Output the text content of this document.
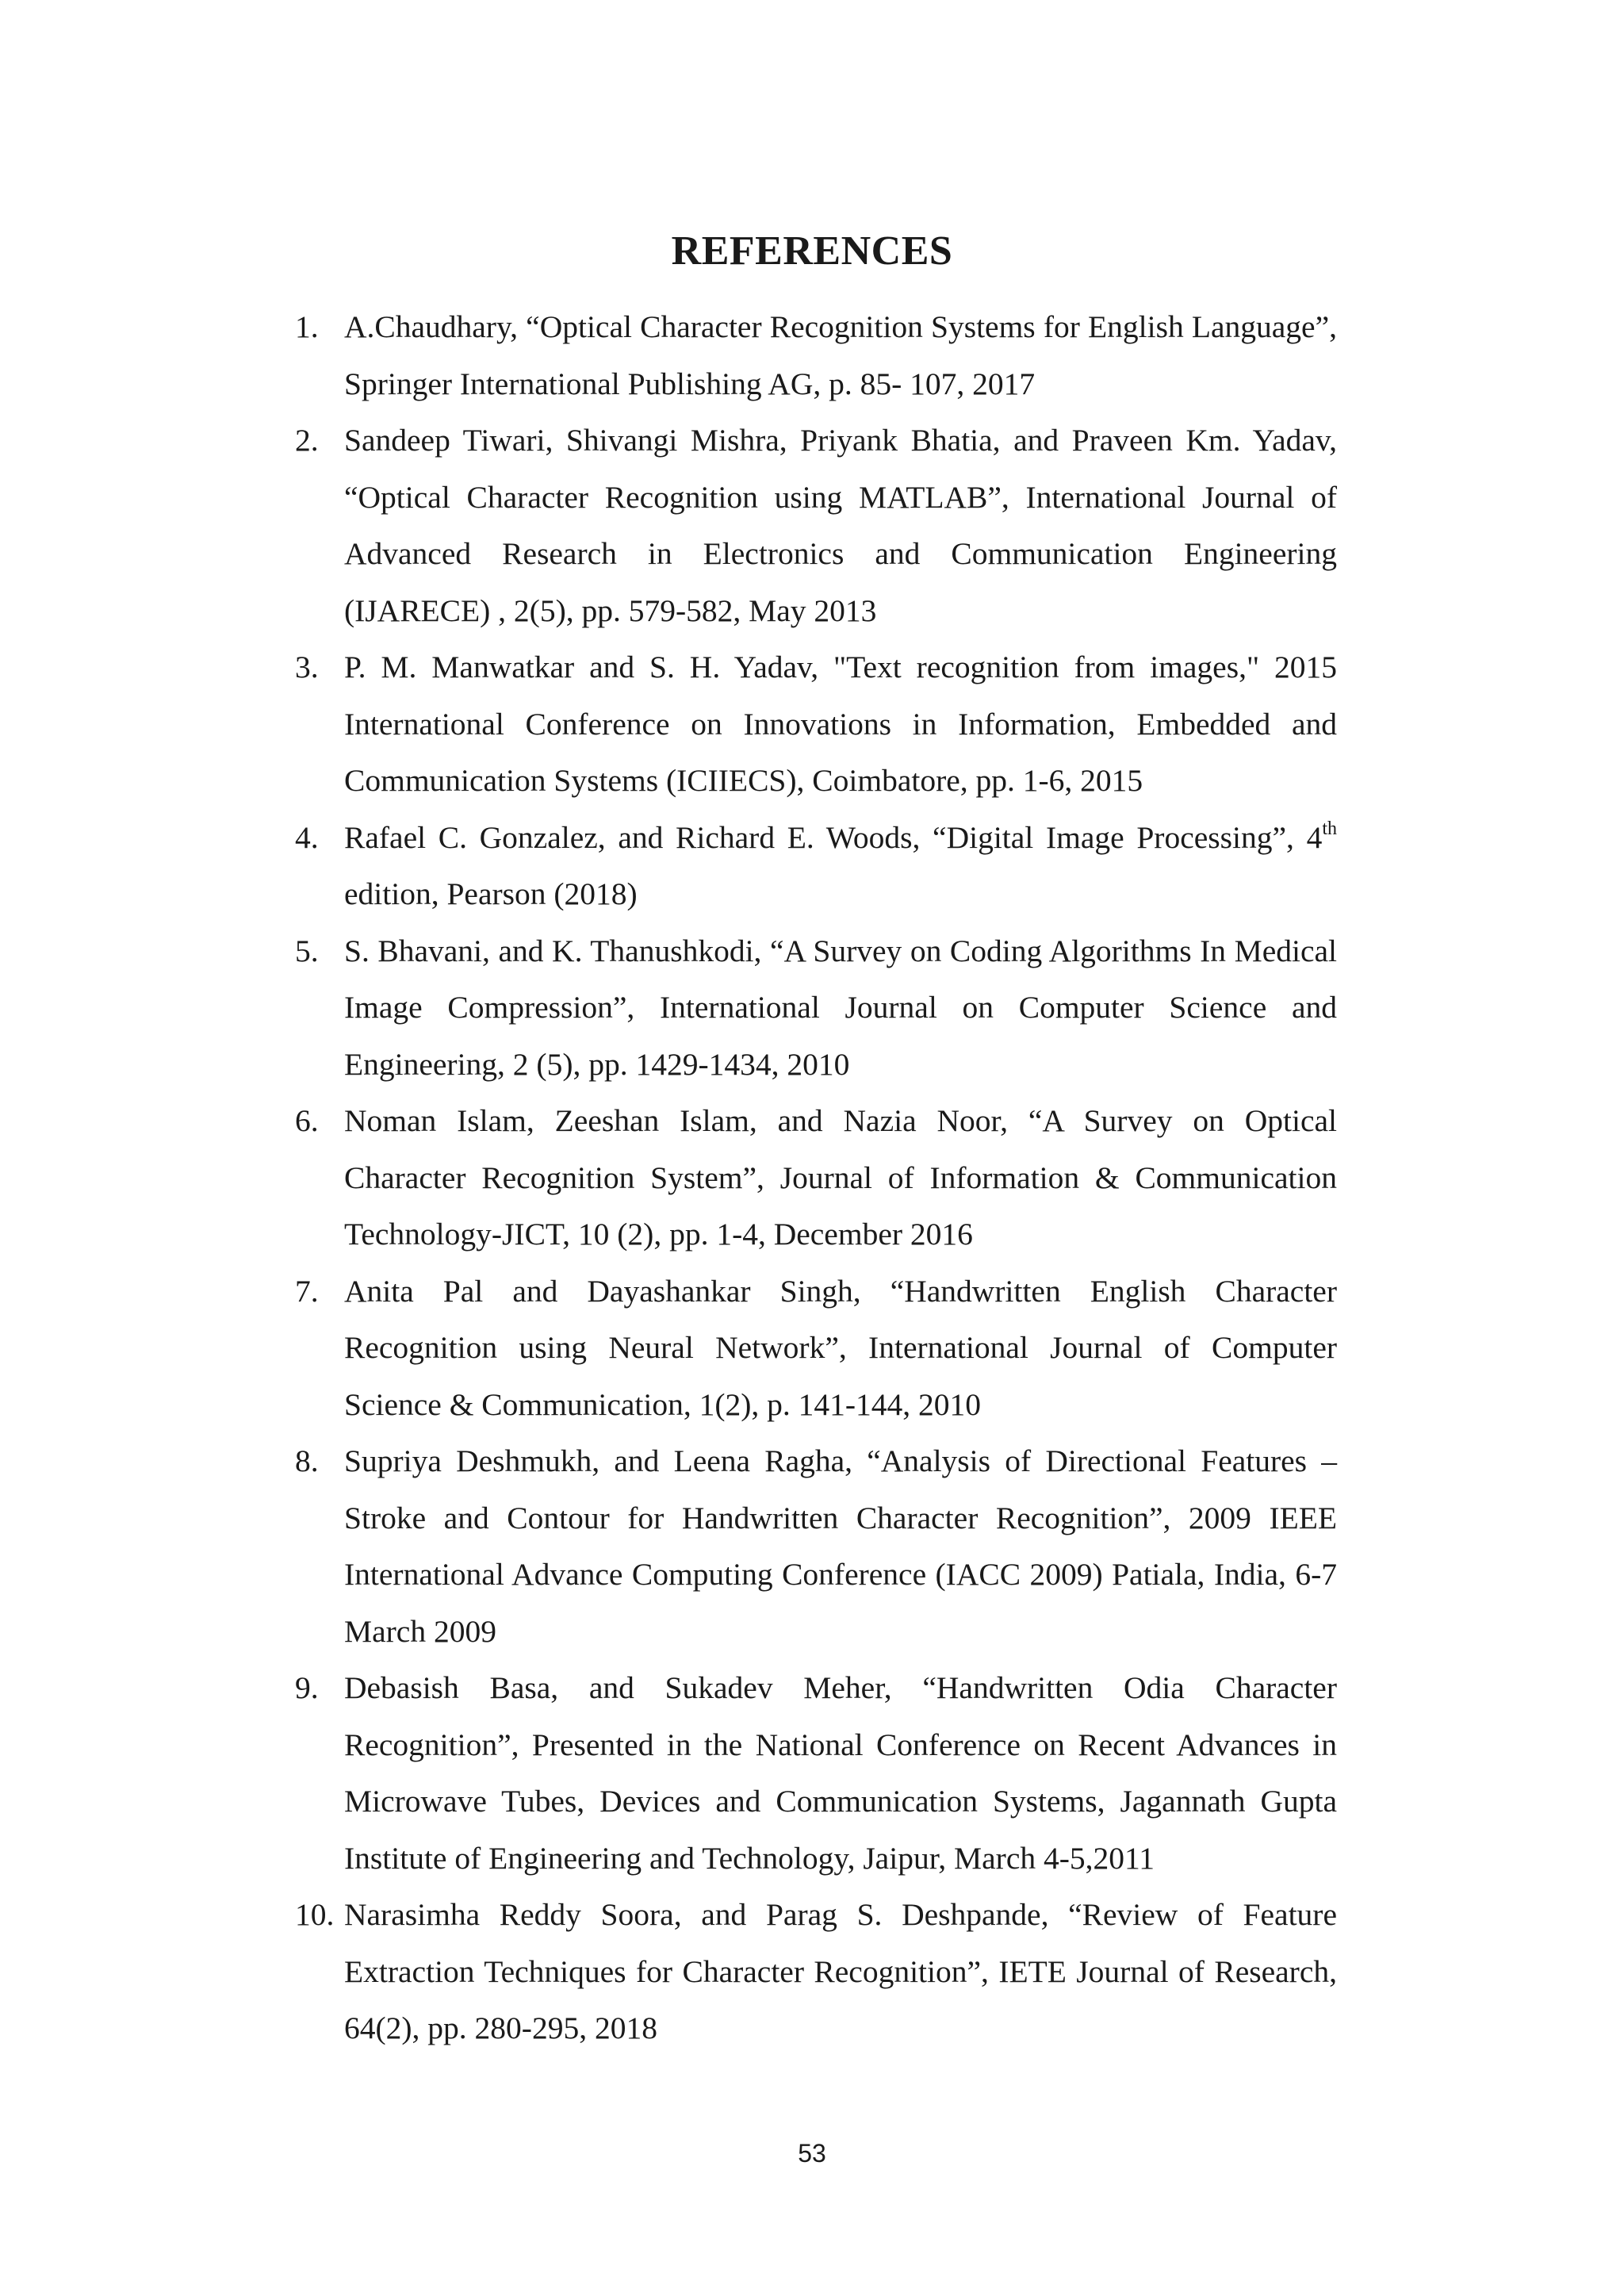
REFERENCES
1. A.Chaudhary, “Optical Character Recognition Systems for English Language”, Springer International Publishing AG, p. 85- 107, 2017
2. Sandeep Tiwari, Shivangi Mishra, Priyank Bhatia, and Praveen Km. Yadav, “Optical Character Recognition using MATLAB”, International Journal of Advanced Research in Electronics and Communication Engineering (IJARECE) , 2(5), pp. 579-582, May 2013
3. P. M. Manwatkar and S. H. Yadav, "Text recognition from images," 2015 International Conference on Innovations in Information, Embedded and Communication Systems (ICIIECS), Coimbatore, pp. 1-6, 2015
4. Rafael C. Gonzalez, and Richard E. Woods, “Digital Image Processing”, 4th edition, Pearson (2018)
5. S. Bhavani, and K. Thanushkodi, “A Survey on Coding Algorithms In Medical Image Compression”, International Journal on Computer Science and Engineering, 2 (5), pp. 1429-1434, 2010
6. Noman Islam, Zeeshan Islam, and Nazia Noor, “A Survey on Optical Character Recognition System”, Journal of Information & Communication Technology-JICT, 10 (2), pp. 1-4, December 2016
7. Anita Pal and Dayashankar Singh, “Handwritten English Character Recognition using Neural Network”, International Journal of Computer Science & Communication, 1(2), p. 141-144, 2010
8. Supriya Deshmukh, and Leena Ragha, “Analysis of Directional Features – Stroke and Contour for Handwritten Character Recognition”, 2009 IEEE International Advance Computing Conference (IACC 2009) Patiala, India, 6-7 March 2009
9. Debasish Basa, and Sukadev Meher, “Handwritten Odia Character Recognition”, Presented in the National Conference on Recent Advances in Microwave Tubes, Devices and Communication Systems, Jagannath Gupta Institute of Engineering and Technology, Jaipur, March 4-5,2011
10. Narasimha Reddy Soora, and Parag S. Deshpande, “Review of Feature Extraction Techniques for Character Recognition”, IETE Journal of Research, 64(2), pp. 280-295, 2018
53
